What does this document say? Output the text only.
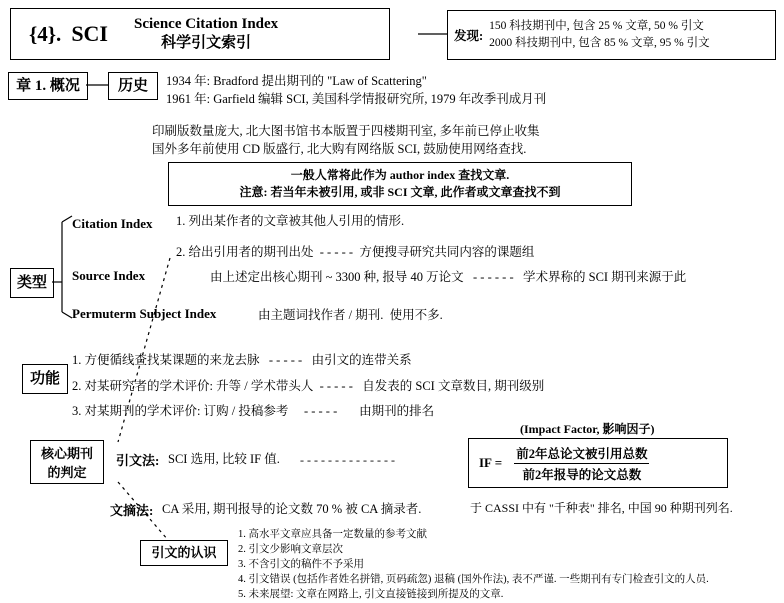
{4}. SCI Science Citation Index
科学引文索引	发现:
150 科技期刊中, 包含 25 % 文章, 50 % 引文
2000 科技期刊中, 包含 85 % 文章, 95 % 引文
章 1. 概况	历史 1934 年: Bradford 提出期刊的 "Law of Scattering"
1961 年: Garfield 编辑 SCI, 美国科学情报研究所, 1979 年改季刊成月刊
印刷版数量庞大, 北大图书馆书本版置于四楼期刊室, 多年前已停止收集
国外多年前使用 CD 版盛行, 北大购有网络版 SCI, 鼓励使用网络查找.
一般人常将此作为 author index 查找文章.
注意: 若当年未被引用, 或非 SCI 文章, 此作者或文章查找不到
类型
Citation Index 1. 列出某作者的文章被其他人引用的情形.
2. 给出引用者的期刊出处  - - - - -  方便搜寻研究共同内容的课题组
Source Index	由上述定出核心期刊 ~ 3300 种, 报导 40 万论文   - - - - - -   学术界称的 SCI 期刊来源于此
Permuterm Subject Index	由主题词找作者 / 期刊.  使用不多.
功能
1. 方便循线查找某课题的来龙去脉   - - - - -   由引文的连带关系
2. 对某研究者的学术评价: 升等 / 学术带头人  - - - - -   自发表的 SCI 文章数目, 期刊级别
3. 对某期刊的学术评价: 订购 / 投稿参考     - - - - -       由期刊的排名
核心期刊
的判定
引文法: SCI 选用, 比较 IF 值. - - - - - - - - - - - - - -
(Impact Factor, 影响因子)
IF =
前2年总论文被引用总数
前2年报导的论文总数
文摘法: CA 采用, 期刊报导的论文数 70 % 被 CA 摘录者.	于 CASSI 中有 "千种表" 排名, 中国 90 种期刊列名.
引文的认识
1. 高水平文章应具备一定数量的参考文献
2. 引文少影响文章层次
3. 不含引文的稿件不予采用
4. 引文错误 (包括作者姓名拼错, 页码疏忽) 退稿 (国外作法), 表不严谨. 一些期刊有专门检查引文的人员.
5. 未来展望: 文章在网路上, 引文直接链接到所提及的文章.
